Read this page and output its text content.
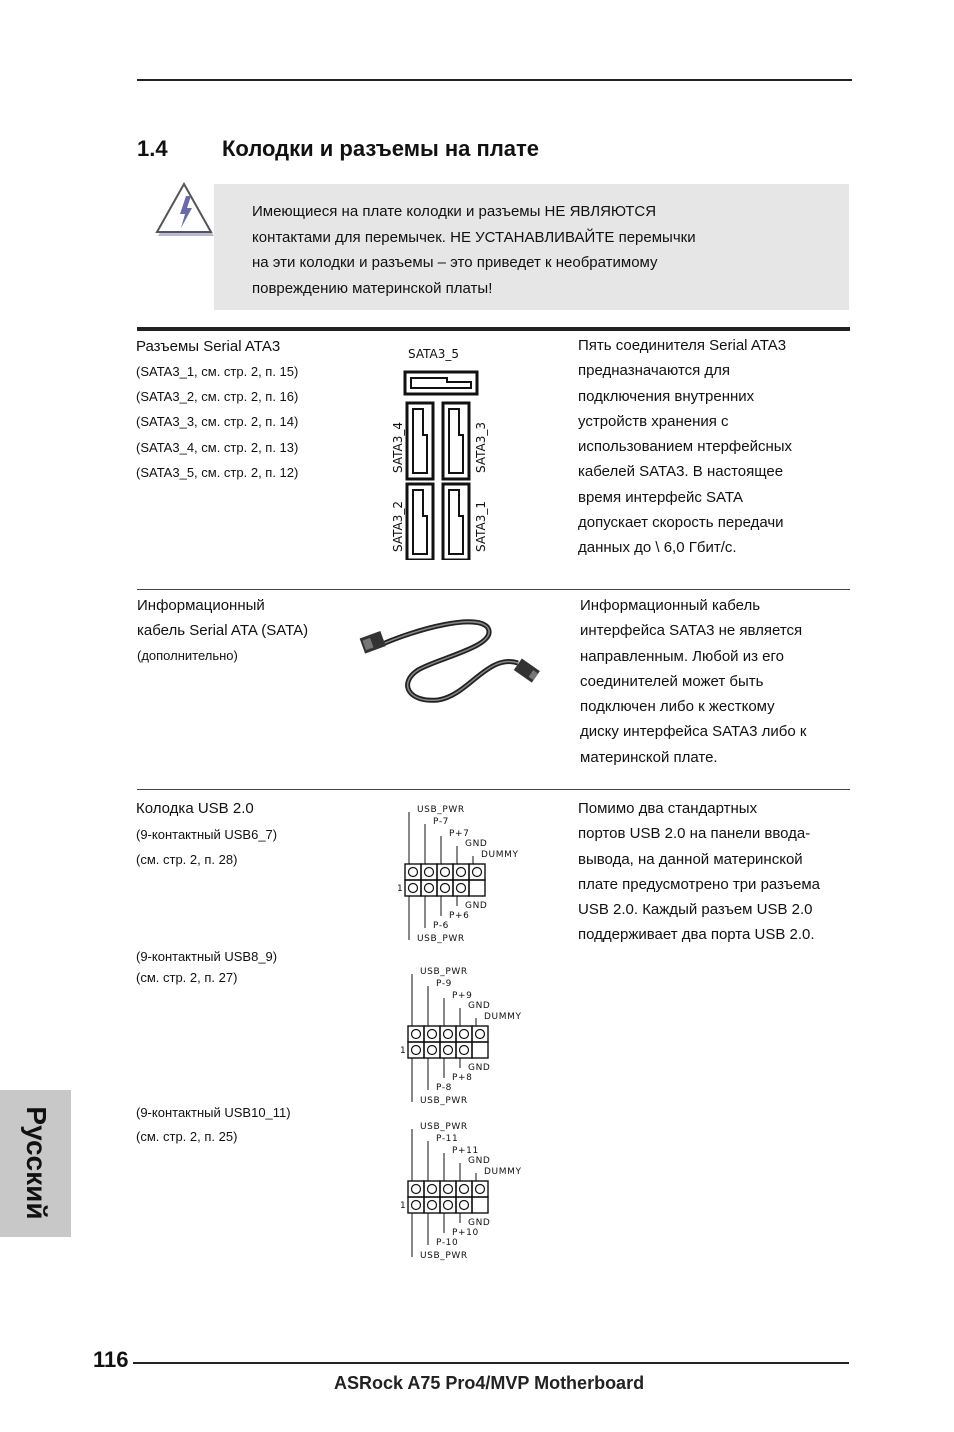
1.4 Колодки и разъемы на плате
Имеющиеся на плате колодки и разъемы НЕ ЯВЛЯЮТСЯ
контактами для перемычек. НЕ УСТАНАВЛИВАЙТЕ перемычки
на эти колодки и разъемы – это приведет к необратимому
повреждению материнской платы!
Разъемы Serial ATA3
(SATA3_1, см. стр. 2, п. 15)
(SATA3_2, см. стр. 2, п. 16)
(SATA3_3, см. стр. 2, п. 14)
(SATA3_4, см. стр. 2, п. 13)
(SATA3_5, см. стр. 2, п. 12)
SATA3_5
SATA3_4	SATA3_3
SATA3_2	SATA3_1
Пять соединителя Serial ATA3
предназначаются для
подключения внутренних
устройств хранения с
использованием нтерфейсных
кабелей SATA3. В настоящее
время интерфейс SATA
допускает скорость передачи
данных до \ 6,0 Гбит/с.
Информационный
кабель Serial ATA (SATA)
(дополнительно)
Информационный кабель
интерфейса SATA3 не является
направленным. Любой из его
соединителей может быть
подключен либо к жесткому
диску интерфейса SATA3 либо к
материнской плате.
Колодка USB 2.0
(9-контактный USB6_7)
(см. стр. 2, п. 28)
(9-контактный USB8_9)
(см. стр. 2, п. 27)
(9-контактный USB10_11)
(см. стр. 2, п. 25)
Помимо два стандартных
портов USB 2.0 на панели ввода-
вывода, на данной материнской
плате предусмотрено три разъема
USB 2.0. Каждый разъем USB 2.0
поддерживает два порта USB 2.0.
USB_PWR
P-7
P+7
GND
DUMMY
1
GND
P+6
P-6
USB_PWR
USB_PWR
P-9
P+9
GND
DUMMY
1
GND
P+8
P-8
USB_PWR
USB_PWR
P-11
P+11
GND
DUMMY
1
GND
P+10
P-10
USB_PWR
Русский
116
ASRock A75 Pro4/MVP Motherboard
